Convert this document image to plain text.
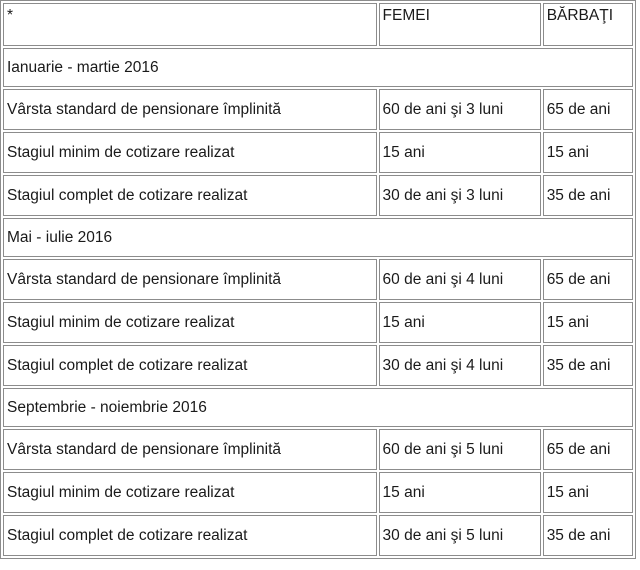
*	FEMEI	BĂRBAŢI
Ianuarie - martie 2016		
Vârsta standard de pensionare împlinită	60 de ani şi 3 luni	65 de ani
Stagiul minim de cotizare realizat	15 ani	15 ani
Stagiul complet de cotizare realizat	30 de ani şi 3 luni	35 de ani
Mai - iulie 2016		
Vârsta standard de pensionare împlinită	60 de ani şi 4 luni	65 de ani
Stagiul minim de cotizare realizat	15 ani	15 ani
Stagiul complet de cotizare realizat	30 de ani şi 4 luni	35 de ani
Septembrie - noiembrie 2016		
Vârsta standard de pensionare împlinită	60 de ani şi 5 luni	65 de ani
Stagiul minim de cotizare realizat	15 ani	15 ani
Stagiul complet de cotizare realizat	30 de ani şi 5 luni	35 de ani
